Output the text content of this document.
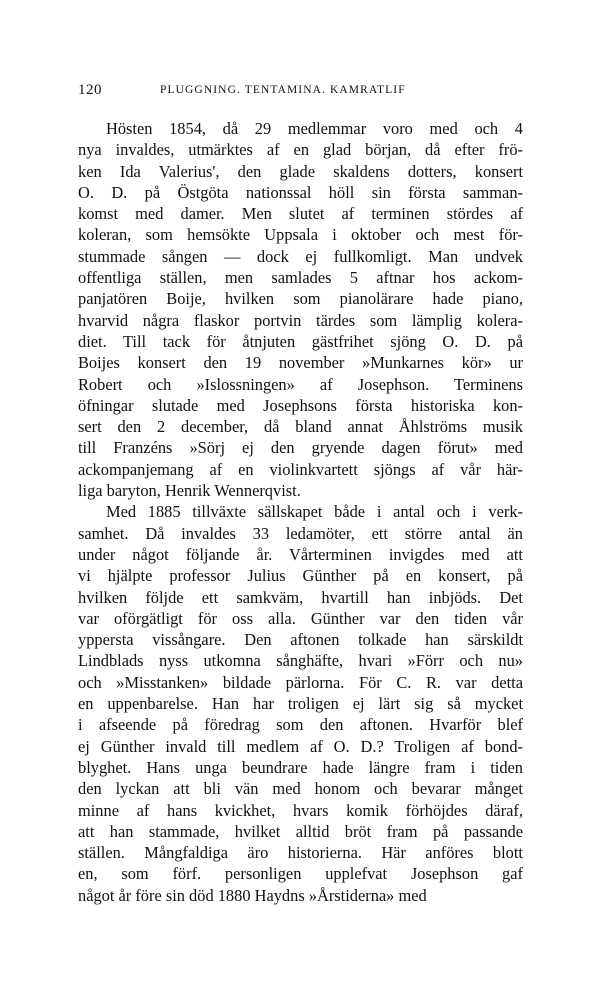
120	PLUGGNING. TENTAMINA. KAMRATLIF
Hösten 1854, då 29 medlemmar voro med och 4
nya invaldes, utmärktes af en glad början, då efter frö-
ken Ida Valerius', den glade skaldens dotters, konsert
O. D. på Östgöta nationssal höll sin första samman-
komst med damer. Men slutet af terminen stördes af
koleran, som hemsökte Uppsala i oktober och mest för-
stummade sången — dock ej fullkomligt. Man undvek
offentliga ställen, men samlades 5 aftnar hos ackom-
panjatören Boije, hvilken som pianolärare hade piano,
hvarvid några flaskor portvin tärdes som lämplig kolera-
diet. Till tack för åtnjuten gästfrihet sjöng O. D. på
Boijes konsert den 19 november »Munkarnes kör» ur
Robert och »Islossningen» af Josephson. Terminens
öfningar slutade med Josephsons första historiska kon-
sert den 2 december, då bland annat Åhlströms musik
till Franzéns »Sörj ej den gryende dagen förut» med
ackompanjemang af en violinkvartett sjöngs af vår här-
liga baryton, Henrik Wennerqvist.
Med 1885 tillväxte sällskapet både i antal och i verk-
samhet. Då invaldes 33 ledamöter, ett större antal än
under något följande år. Vårterminen invigdes med att
vi hjälpte professor Julius Günther på en konsert, på
hvilken följde ett samkväm, hvartill han inbjöds. Det
var oförgätligt för oss alla. Günther var den tiden vår
yppersta vissångare. Den aftonen tolkade han särskildt
Lindblads nyss utkomna sånghäfte, hvari »Förr och nu»
och »Misstanken» bildade pärlorna. För C. R. var detta
en uppenbarelse. Han har troligen ej lärt sig så mycket
i afseende på föredrag som den aftonen. Hvarför blef
ej Günther invald till medlem af O. D.? Troligen af bond-
blyghet. Hans unga beundrare hade längre fram i tiden
den lyckan att bli vän med honom och bevarar månget
minne af hans kvickhet, hvars komik förhöjdes däraf,
att han stammade, hvilket alltid bröt fram på passande
ställen. Mångfaldiga äro historierna. Här anföres blott
en, som förf. personligen upplefvat Josephson gaf
något år före sin död 1880 Haydns »Årstiderna» med
